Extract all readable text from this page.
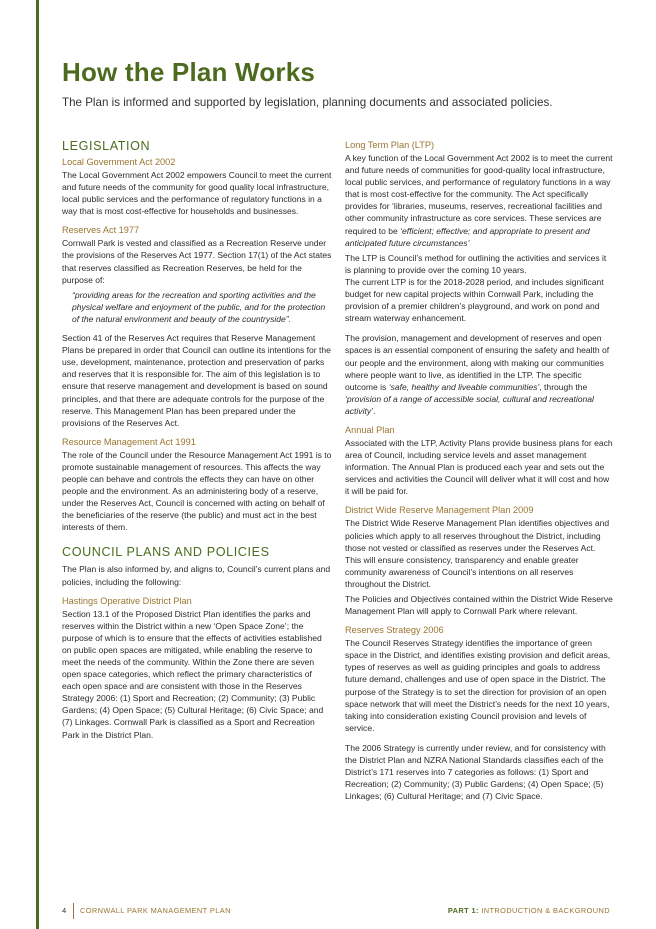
How the Plan Works

The Plan is informed and supported by legislation, planning documents and associated policies.

LEGISLATION
Local Government Act 2002

The Local Government Act 2002 empowers Council to meet the current and future needs of the community for good quality local infrastructure, local public services and the performance of regulatory functions in a way that is most cost-effective for households and businesses.

Reserves Act 1977

Cornwall Park is vested and classified as a Recreation Reserve under the provisions of the Reserves Act 1977. Section 17(1) of the Act states that reserves classified as Recreation Reserves, be held for the purpose of:

“providing areas for the recreation and sporting activities and the physical welfare and enjoyment of the public, and for the protection of the natural environment and beauty of the countryside”.

Section 41 of the Reserves Act requires that Reserve Management Plans be prepared in order that Council can outline its intentions for the use, development, maintenance, protection and preservation of parks and reserves that it is responsible for. The aim of this legislation is to ensure that reserve management and development is based on sound principles, and that there are adequate controls for the purpose of the reserve. This Management Plan has been prepared under the provisions of the Reserves Act.

Resource Management Act 1991

The role of the Council under the Resource Management Act 1991 is to promote sustainable management of resources. This affects the way people can behave and controls the effects they can have on other people and the environment. As an administering body of a reserve, under the Reserves Act, Council is concerned with acting on behalf of the beneficiaries of the reserve (the public) and must act in the best interests of them.

COUNCIL PLANS AND POLICIES

The Plan is also informed by, and aligns to, Council’s current plans and policies, including the following:

Hastings Operative District Plan

Section 13.1 of the Proposed District Plan identifies the parks and reserves within the District within a new ‘Open Space Zone’; the purpose of which is to ensure that the effects of activities established on public open spaces are mitigated, while enabling the reserve to meet the needs of the community. Within the Zone there are seven open space categories, which reflect the primary characteristics of each open space and are consistent with those in the Reserves Strategy 2006: (1) Sport and Recreation; (2) Community; (3) Public Gardens; (4) Open Space; (5) Cultural Heritage; (6) Civic Space; and (7) Linkages. Cornwall Park is classified as a Sport and Recreation Park in the District Plan.

Long Term Plan (LTP)

A key function of the Local Government Act 2002 is to meet the current and future needs of communities for good-quality local infrastructure, local public services, and performance of regulatory functions in a way that is most cost-effective for the community. The Act specifically provides for ‘libraries, museums, reserves, recreational facilities and other community infrastructure as core services. These services are required to be ‘efficient; effective; and appropriate to present and anticipated future circumstances’

The LTP is Council’s method for outlining the activities and services it is planning to provide over the coming 10 years.

The current LTP is for the 2018-2028 period, and includes significant budget for new capital projects within Cornwall Park, including the provision of a premier children’s playground, and work on pond and stream waterway enhancement.

The provision, management and development of reserves and open spaces is an essential component of ensuring the safety and health of our people and the environment, along with making our communities where people want to live, as identified in the LTP. The specific outcome is ‘safe, healthy and liveable communities’, through the ‘provision of a range of accessible social, cultural and recreational activity’.

Annual Plan

Associated with the LTP, Activity Plans provide business plans for each area of Council, including service levels and asset management information. The Annual Plan is produced each year and sets out the services and activities the Council will deliver what it will cost and how it will be paid for.

District Wide Reserve Management Plan 2009

The District Wide Reserve Management Plan identifies objectives and policies which apply to all reserves throughout the District, including those not vested or classified as reserves under the Reserves Act. This will ensure consistency, transparency and enable greater community awareness of Council’s intentions on all reserves throughout the District.

The Policies and Objectives contained within the District Wide Reserve Management Plan will apply to Cornwall Park where relevant.

Reserves Strategy 2006

The Council Reserves Strategy identifies the importance of green space in the District, and identifies existing provision and deficit areas, types of reserves as well as guiding principles and goals to address future demand, challenges and use of open space in the District. The purpose of the Strategy is to set the direction for provision of an open space network that will meet the District’s needs for the next 10 years, taking into consideration existing Council provision and levels of service.

The 2006 Strategy is currently under review, and for consistency with the District Plan and NZRA National Standards classifies each of the District’s 171 reserves into 7 categories as follows: (1) Sport and Recreation; (2) Community; (3) Public Gardens; (4) Open Space; (5) Linkages; (6) Cultural Heritage; and (7) Civic Space.

4 CORNWALL PARK MANAGEMENT PLAN	PART 1: INTRODUCTION & BACKGROUND
